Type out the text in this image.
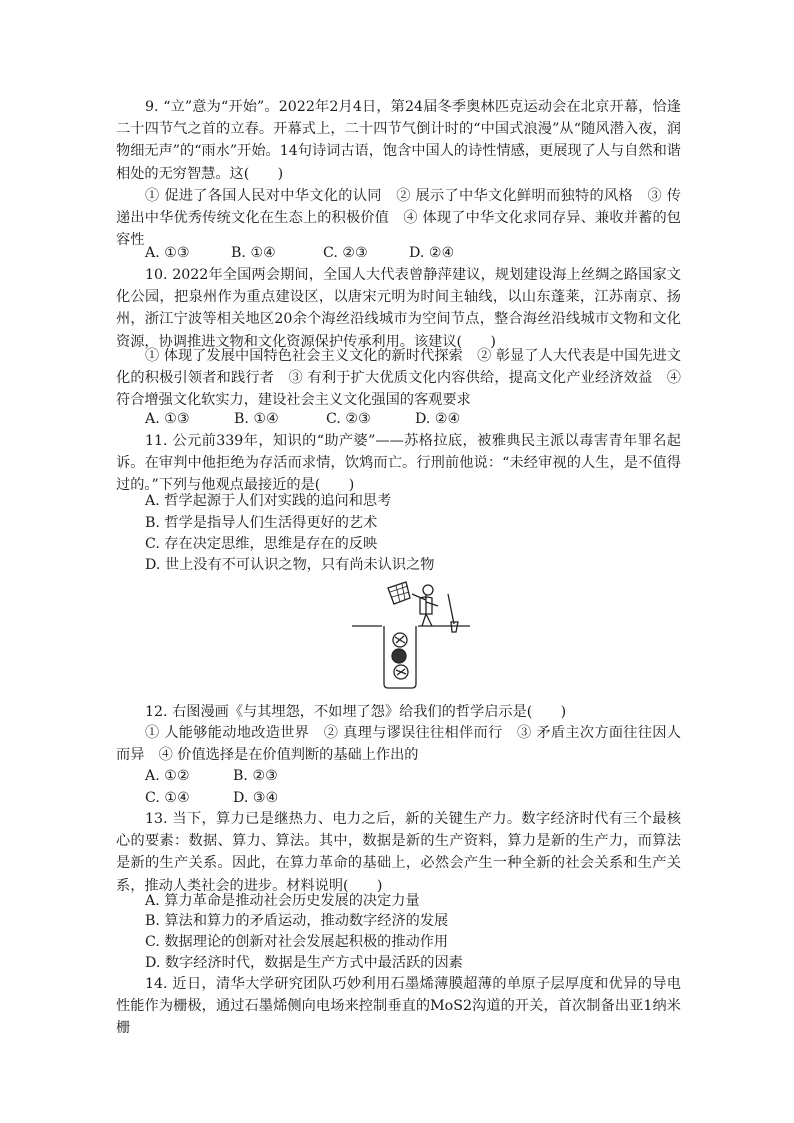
9. “立”意为“开始”。2022年2月4日，第24届冬季奥林匹克运动会在北京开幕，恰逢二十四节气之首的立春。开幕式上，二十四节气倒计时的“中国式浪漫”从“随风潜入夜，润物细无声”的“雨水”开始。14句诗词古语，饱含中国人的诗性情感，更展现了人与自然和谐相处的无穷智慧。这(　　)

① 促进了各国人民对中华文化的认同　② 展示了中华文化鲜明而独特的风格　③ 传递出中华优秀传统文化在生态上的积极价值　④ 体现了中华文化求同存异、兼收并蓄的包容性

A. ①③	B. ①④	C. ②③	D. ②④

10. 2022年全国两会期间，全国人大代表曾静萍建议，规划建设海上丝绸之路国家文化公园，把泉州作为重点建设区，以唐宋元明为时间主轴线，以山东蓬莱，江苏南京、扬州，浙江宁波等相关地区20余个海丝沿线城市为空间节点，整合海丝沿线城市文物和文化资源，协调推进文物和文化资源保护传承利用。该建议(　　)

① 体现了发展中国特色社会主义文化的新时代探索　② 彰显了人大代表是中国先进文化的积极引领者和践行者　③ 有利于扩大优质文化内容供给，提高文化产业经济效益　④ 符合增强文化软实力，建设社会主义文化强国的客观要求

A. ①③	B. ①④	C. ②③	D. ②④

11. 公元前339年，知识的“助产婆”——苏格拉底，被雅典民主派以毒害青年罪名起诉。在审判中他拒绝为存活而求情，饮鸩而亡。行刑前他说：“未经审视的人生，是不值得过的。”下列与他观点最接近的是(　　)

A. 哲学起源于人们对实践的追问和思考
B. 哲学是指导人们生活得更好的艺术
C. 存在决定思维，思维是存在的反映
D. 世上没有不可认识之物，只有尚未认识之物

12. 右图漫画《与其埋怨，不如埋了怨》给我们的哲学启示是(　　)

① 人能够能动地改造世界　② 真理与谬误往往相伴而行　③ 矛盾主次方面往往因人而异　④ 价值选择是在价值判断的基础上作出的

A. ①②	B. ②③
C. ①④	D. ③④

13. 当下，算力已是继热力、电力之后，新的关键生产力。数字经济时代有三个最核心的要素：数据、算力、算法。其中，数据是新的生产资料，算力是新的生产力，而算法是新的生产关系。因此，在算力革命的基础上，必然会产生一种全新的社会关系和生产关系，推动人类社会的进步。材料说明(　　)

A. 算力革命是推动社会历史发展的决定力量
B. 算法和算力的矛盾运动，推动数字经济的发展
C. 数据理论的创新对社会发展起积极的推动作用
D. 数字经济时代，数据是生产方式中最活跃的因素

14. 近日，清华大学研究团队巧妙利用石墨烯薄膜超薄的单原子层厚度和优异的导电性能作为栅极，通过石墨烯侧向电场来控制垂直的MoS2沟道的开关，首次制备出亚1纳米栅
